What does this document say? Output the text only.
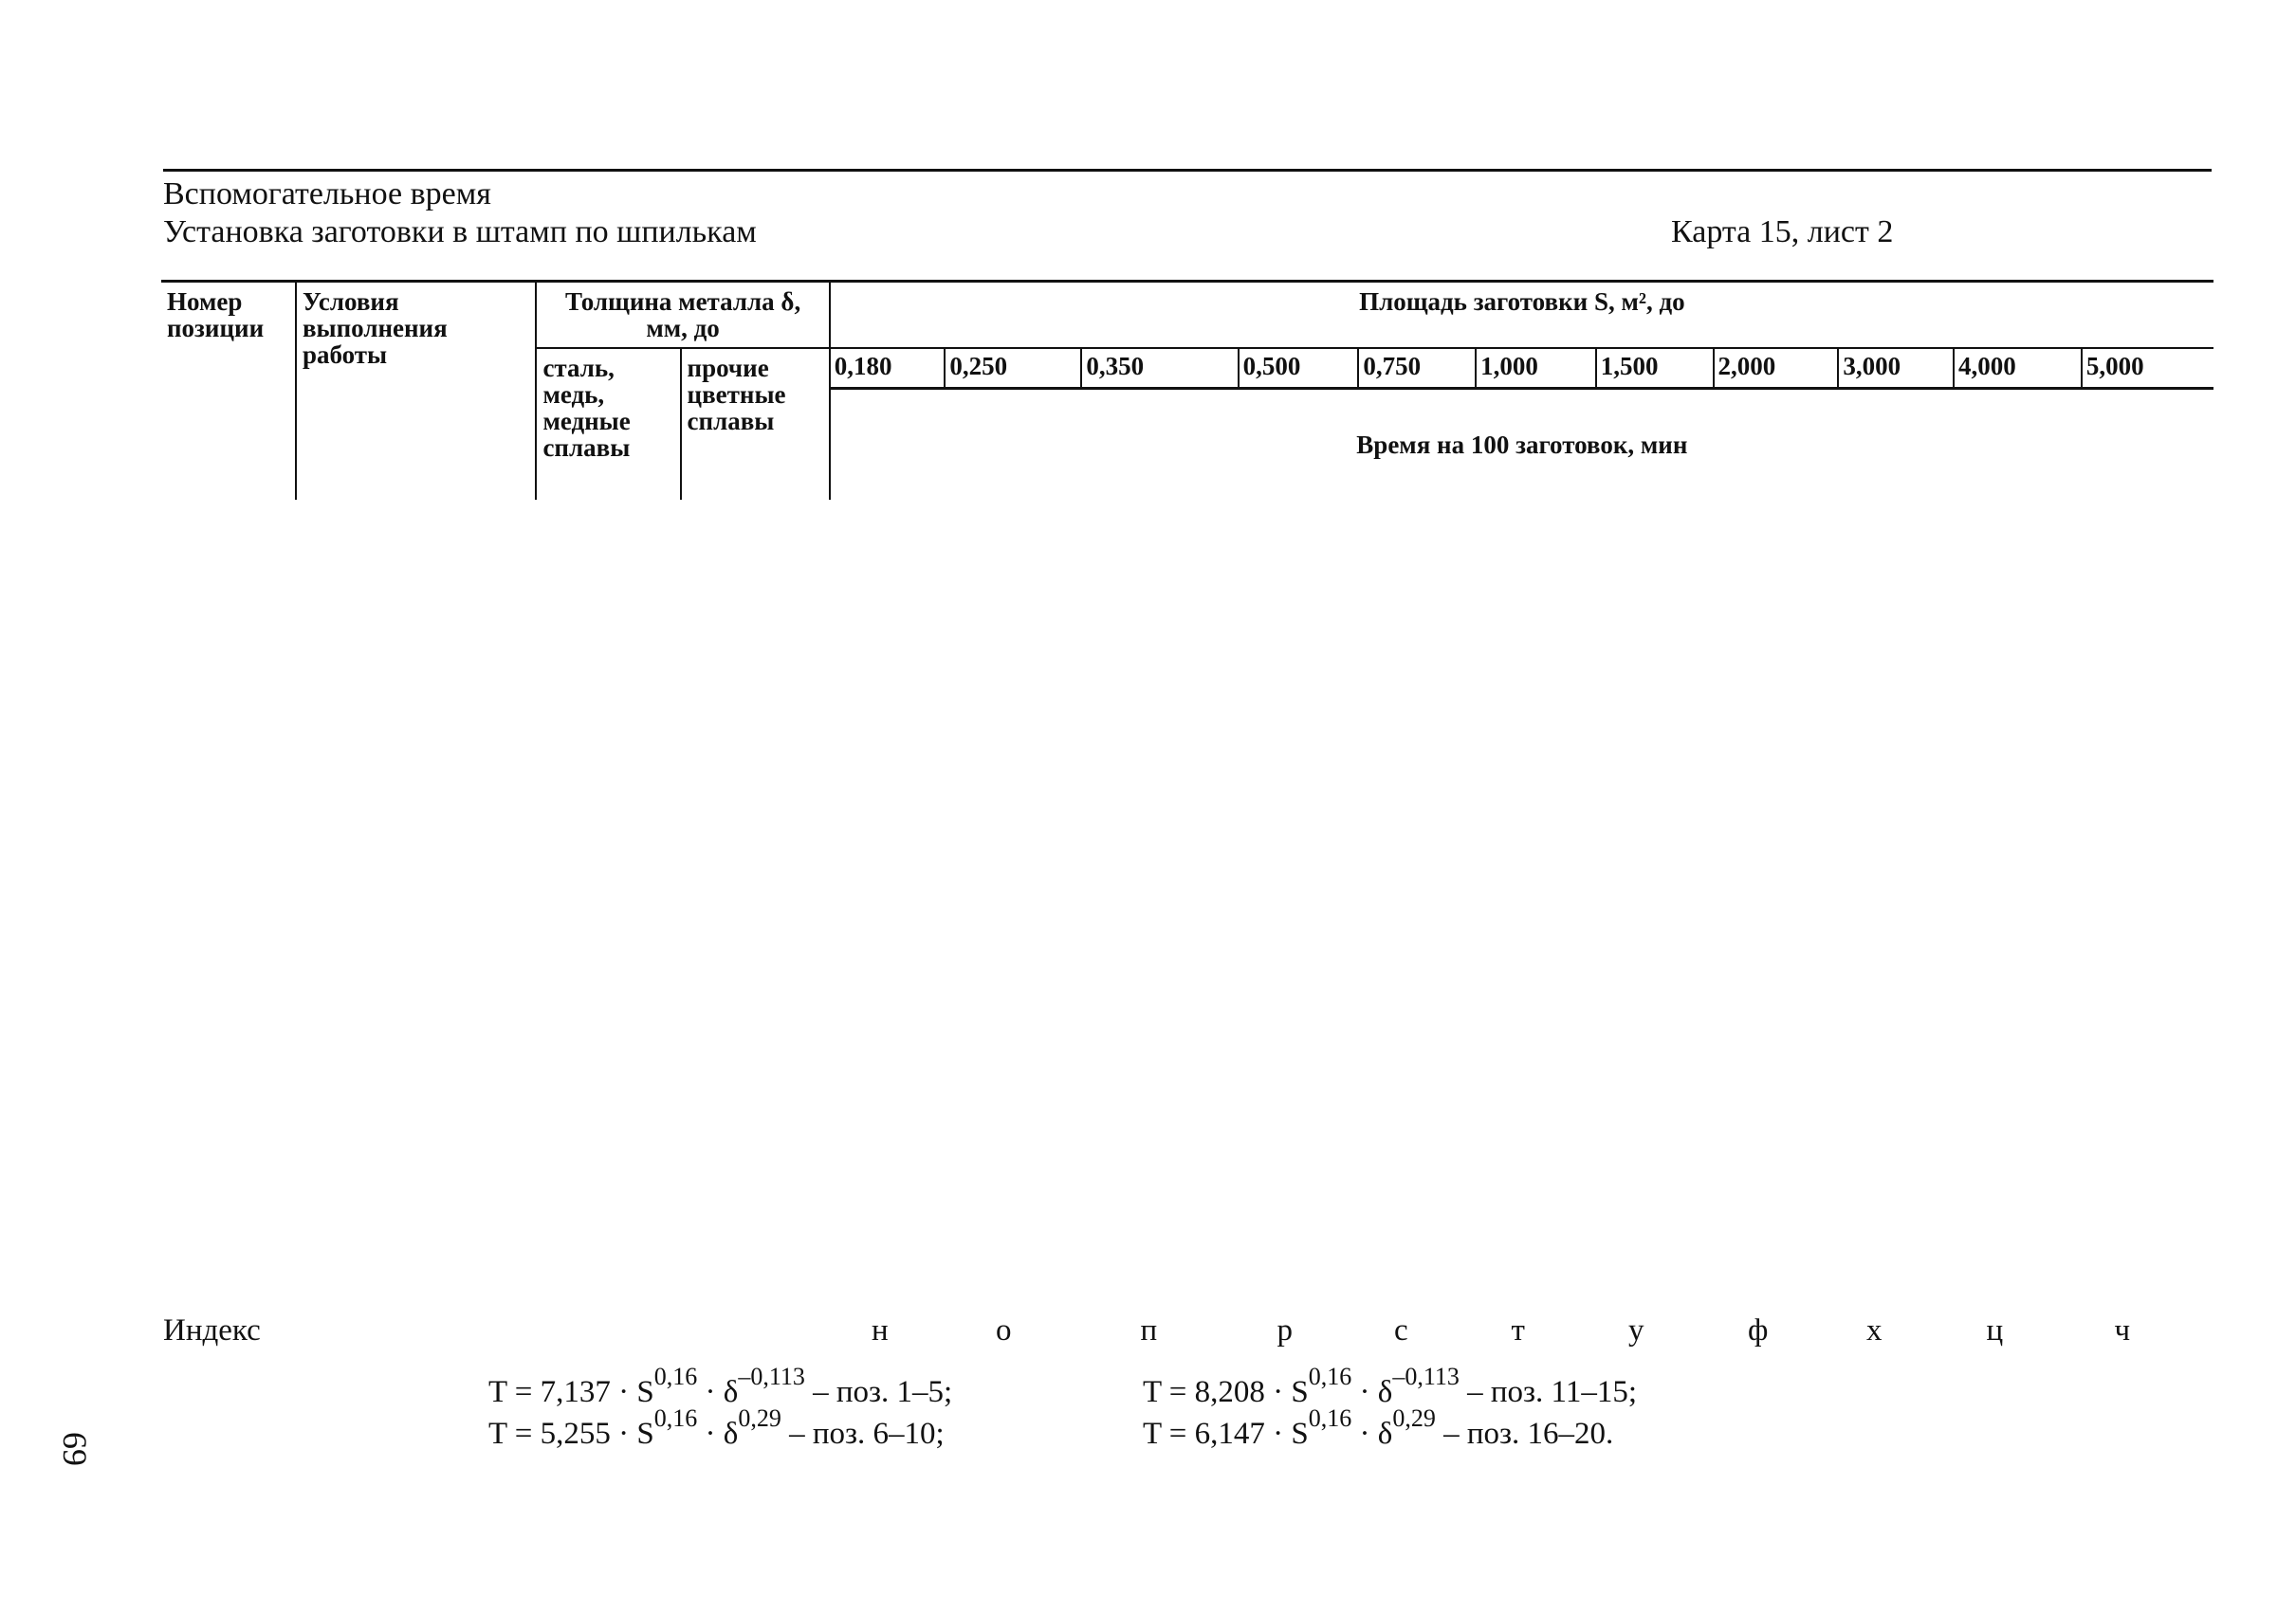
Вспомогательное время
Установка заготовки в штамп по шпилькам	Карта 15, лист 2
Номер позиции	Условия выполнения работы	Толщина металла δ, мм, до		Площадь заготовки S, м², до										
		сталь, медь, медные сплавы	прочие цветные сплавы	0,180	0,250	0,350	0,500	0,750	1,000	1,500	2,000	3,000	4,000	5,000
				Время на 100 заготовок, мин										
Индекс	н	о	п	р	с	т	у	ф	х	ц	ч
$T = 7,137 \cdot S^{0,16} \cdot \delta^{-0,113}$ – поз. 1–5;	$T = 8,208 \cdot S^{0,16} \cdot \delta^{-0,113}$ – поз. 11–15;
$T = 5,255 \cdot S^{0,16} \cdot \delta^{0,29}$ – поз. 6–10;	$T = 6,147 \cdot S^{0,16} \cdot \delta^{0,29}$ – поз. 16–20.
69
